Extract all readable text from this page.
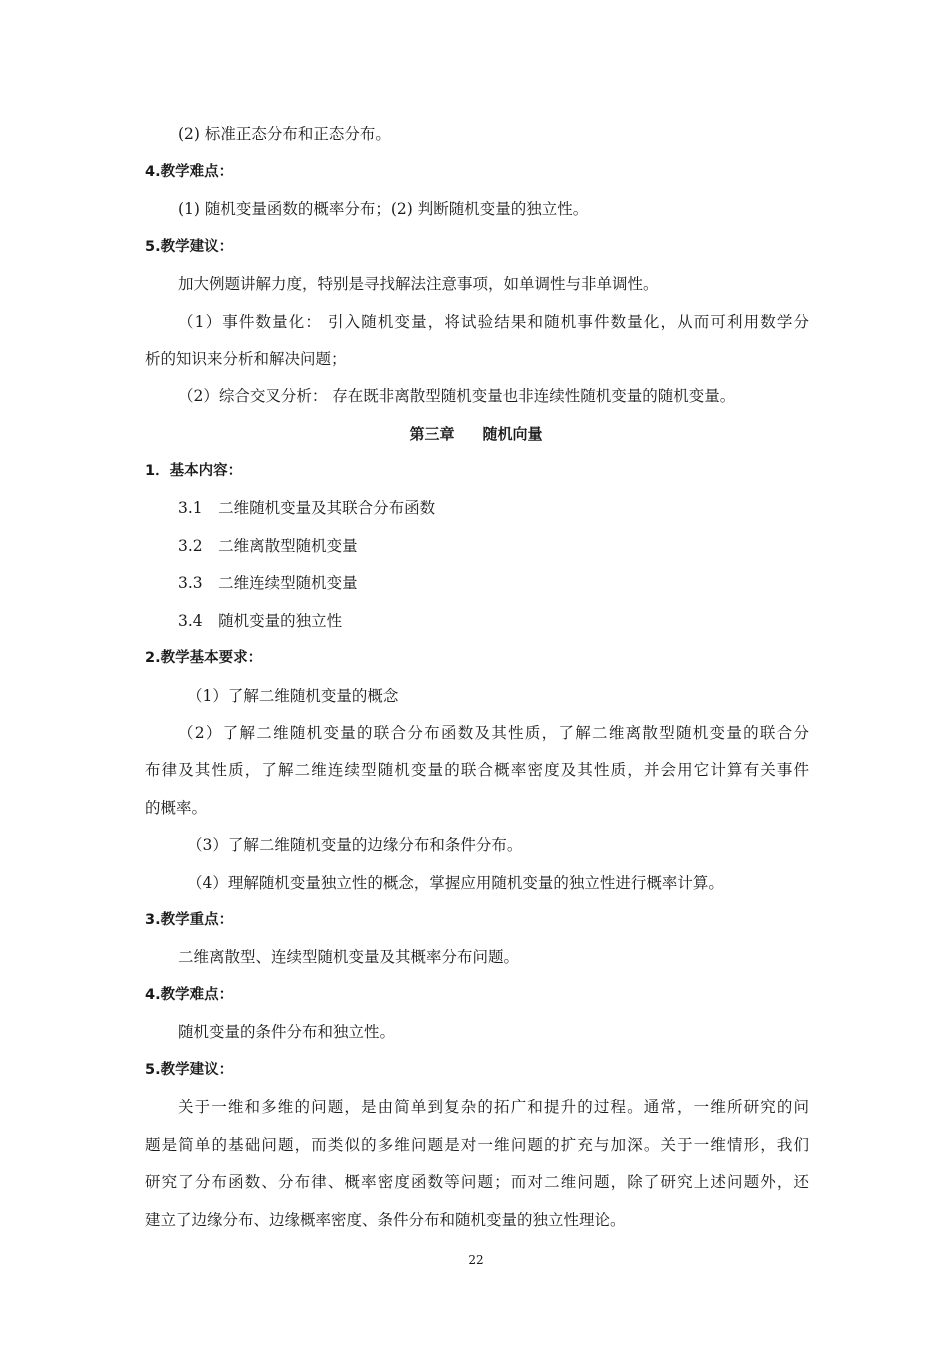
(2) 标准正态分布和正态分布。
4.教学难点：
(1) 随机变量函数的概率分布；(2) 判断随机变量的独立性。
5.教学建议：
加大例题讲解力度，特别是寻找解法注意事项，如单调性与非单调性。
（1）事件数量化： 引入随机变量，将试验结果和随机事件数量化，从而可利用数学分
析的知识来分析和解决问题；
（2）综合交叉分析： 存在既非离散型随机变量也非连续性随机变量的随机变量。
第三章 随机向量
1．基本内容：
3.1　二维随机变量及其联合分布函数
3.2　二维离散型随机变量
3.3　二维连续型随机变量
3.4　随机变量的独立性
2.教学基本要求：
（1）了解二维随机变量的概念
（2）了解二维随机变量的联合分布函数及其性质，了解二维离散型随机变量的联合分
布律及其性质，了解二维连续型随机变量的联合概率密度及其性质，并会用它计算有关事件
的概率。
（3）了解二维随机变量的边缘分布和条件分布。
（4）理解随机变量独立性的概念，掌握应用随机变量的独立性进行概率计算。
3.教学重点：
二维离散型、连续型随机变量及其概率分布问题。
4.教学难点：
随机变量的条件分布和独立性。
5.教学建议：
关于一维和多维的问题，是由简单到复杂的拓广和提升的过程。通常，一维所研究的问
题是简单的基础问题，而类似的多维问题是对一维问题的扩充与加深。关于一维情形，我们
研究了分布函数、分布律、概率密度函数等问题；而对二维问题，除了研究上述问题外，还
建立了边缘分布、边缘概率密度、条件分布和随机变量的独立性理论。
22
